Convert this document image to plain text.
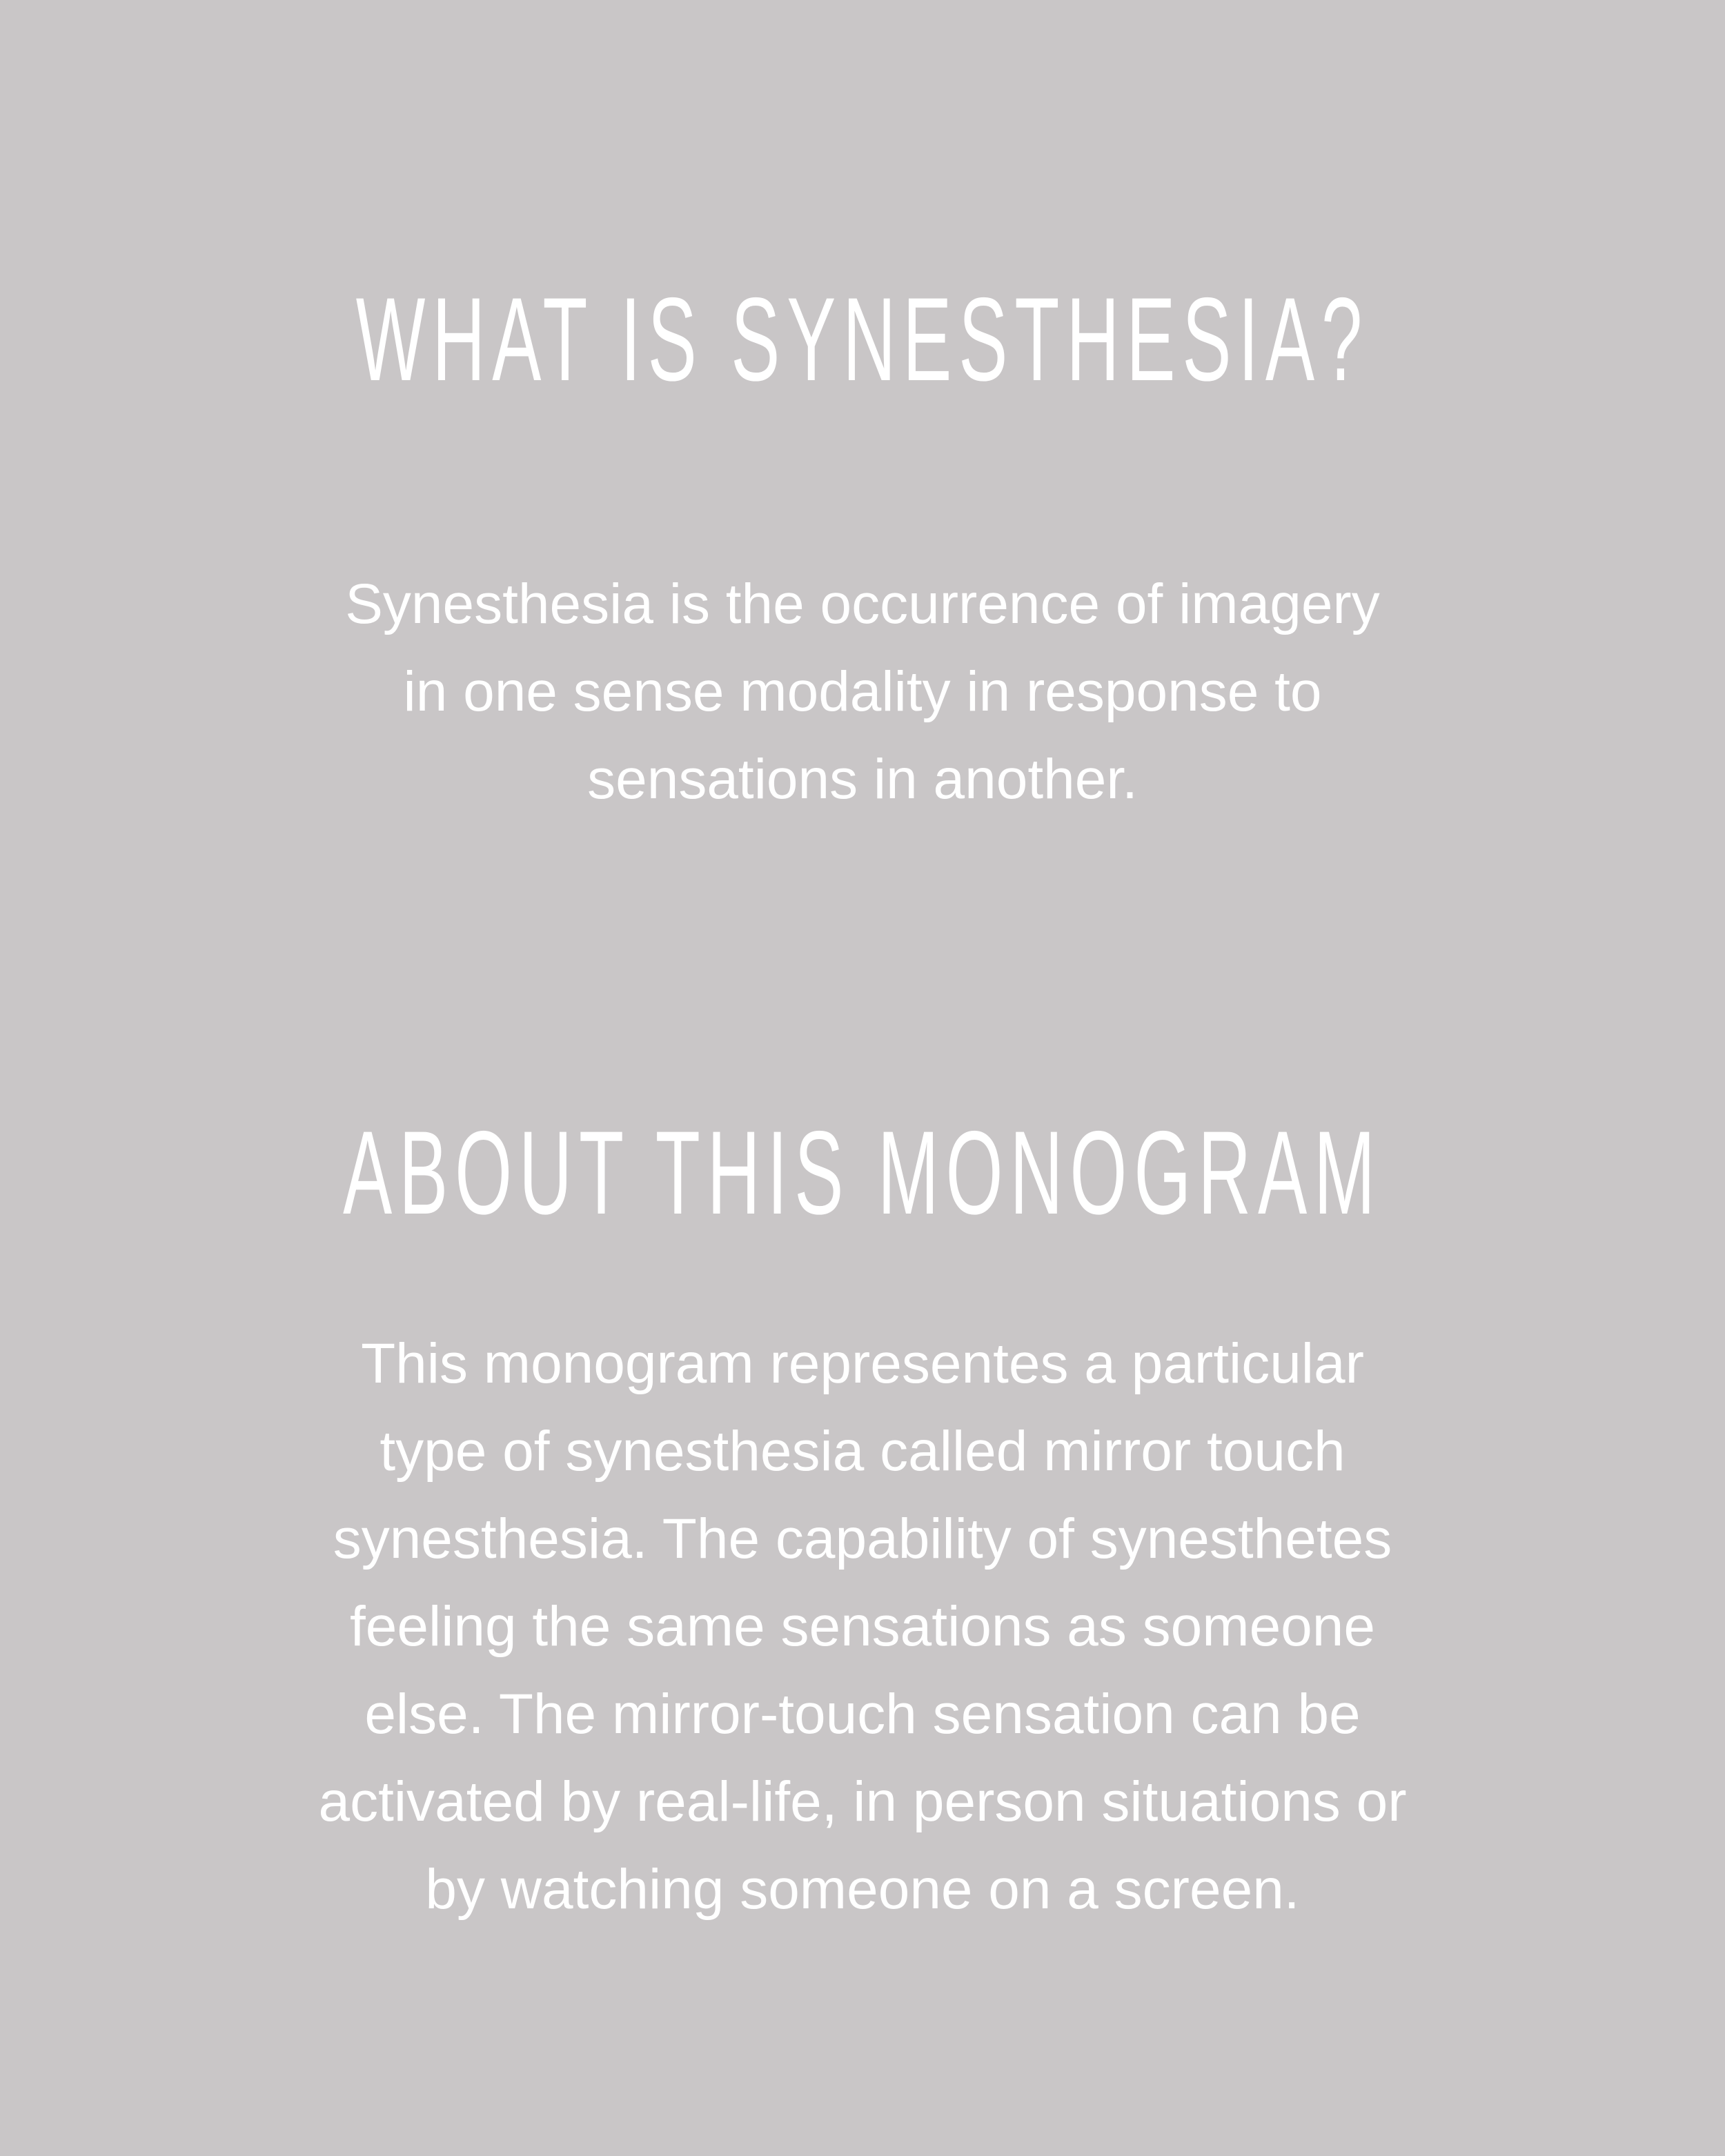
WHAT IS SYNESTHESIA?

Synesthesia is the occurrence of imagery
in one sense modality in response to
sensations in another.

ABOUT THIS MONOGRAM

This monogram representes a particular
type of synesthesia called mirror touch
synesthesia. The capability of synesthetes
feeling the same sensations as someone
else. The mirror-touch sensation can be
activated by real-life, in person situations or
by watching someone on a screen.
